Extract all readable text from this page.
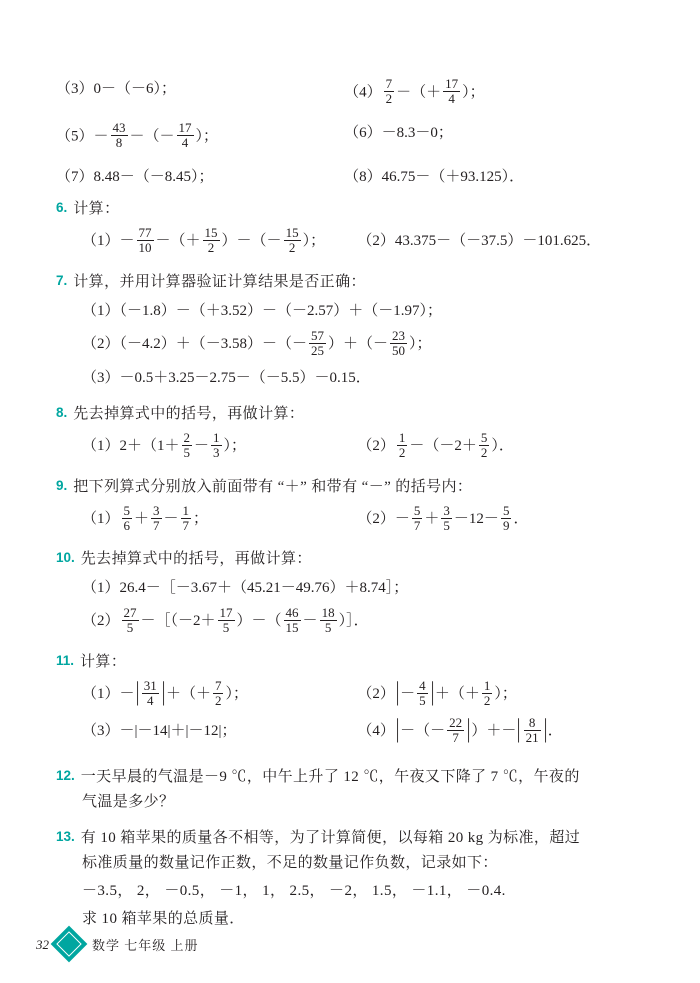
（3）0－（－6）；	$(4) \frac{7}{2}$ －（＋ $\frac{17}{4}$ ）；
$(5)- \frac{43}{8}$ －（－ $\frac{17}{4}$ ）；	（6）－8.3－0；
（7）8.48－（－8.45）；	（8）46.75－（＋93.125）．
6. 计算：
$(1)- \frac{77}{10}$ －（＋ $\frac{15}{2}$ ）－（－ $\frac{15}{2}$ ）；	（2）43.375－（－37.5）－101.625．
7. 计算，并用计算器验证计算结果是否正确：
（1）（－1.8）－（＋3.52）－（－2.57）＋（－1.97）；
$(2)(-4.2)+(-3.58)-(- \frac{57}{25}$ ）＋（－ $\frac{23}{50}$ ）；
（3）－0.5＋3.25－2.75－（－5.5）－0.15．
8. 先去掉算式中的括号，再做计算：
$(1)2+(1+ \frac{2}{5} - \frac{1}{3}$ ）；	$(2) \frac{1}{2} -(-2+ \frac{5}{2}$ ）．
9. 把下列算式分别放入前面带有 “＋” 和带有 “－” 的括号内：
$(1) \frac{5}{6} + \frac{3}{7} - \frac{1}{7}$ ；	$(2)- \frac{5}{7} + \frac{3}{5} -12- \frac{5}{9}$ ．
10. 先去掉算式中的括号，再做计算：
（1）26.4－［－3.67＋（45.21－49.76）＋8.74］；
$(2) \frac{27}{5}$ －［（－2＋ $\frac{17}{5}$ ）－（ $\frac{46}{15} - \frac{18}{5}$ ）］．
11. 计算：
$(1)-| \frac{31}{4}$ |＋（＋ $\frac{7}{2}$ ）；	$(2)|- \frac{4}{5}$ |＋（＋ $\frac{1}{2}$ ）；
（3）－|－14|＋|－12|；	$(4)|-(- \frac{22}{7}$ |）＋－| $\frac{8}{21}$ |．
12. 一天早晨的气温是－9 ℃，中午上升了 12 ℃，午夜又下降了 7 ℃，午夜的
气温是多少？
13. 有 10 箱苹果的质量各不相等，为了计算简便，以每箱 20 kg 为标准，超过
标准质量的数量记作正数，不足的数量记作负数，记录如下：
－3.5， 2， －0.5， －1， 1， 2.5， －2， 1.5， －1.1， －0.4.
求 10 箱苹果的总质量．
数学 七年级 上册
32
